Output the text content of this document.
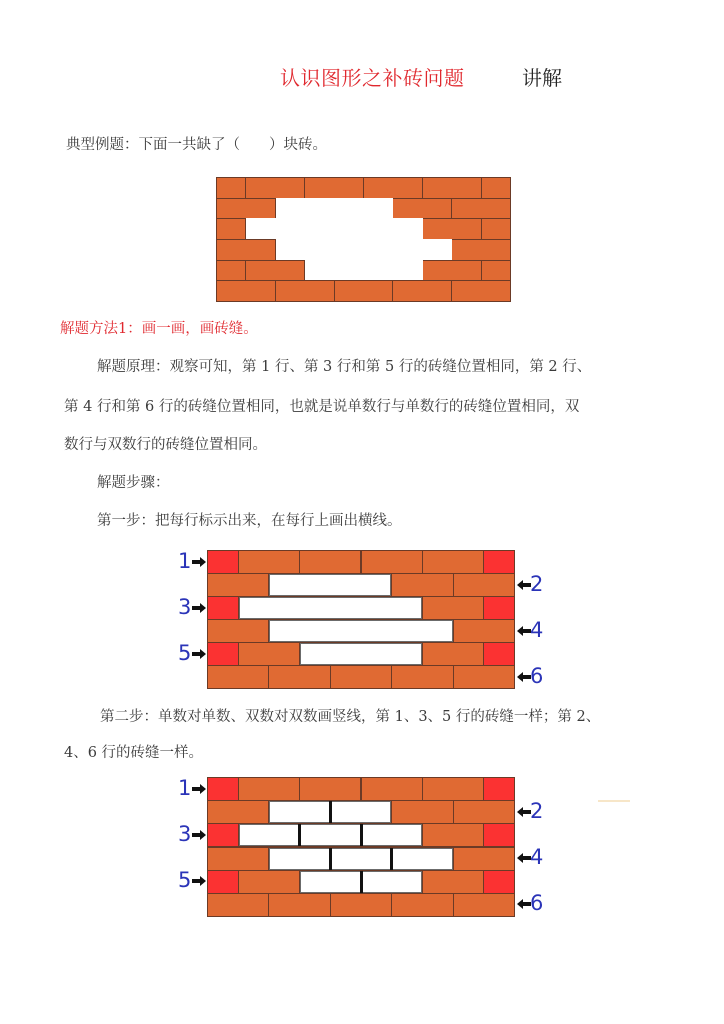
认识图形之补砖问题	讲解
典型例题：下面一共缺了（　　）块砖。
解题方法1：画一画，画砖缝。
解题原理：观察可知，第 1 行、第 3 行和第 5 行的砖缝位置相同，第 2 行、
第 4 行和第 6 行的砖缝位置相同，也就是说单数行与单数行的砖缝位置相同，双
数行与双数行的砖缝位置相同。
解题步骤：
第一步：把每行标示出来，在每行上画出横线。
第二步：单数对单数、双数对双数画竖线，第 1、3、5 行的砖缝一样；第 2、
4、6 行的砖缝一样。
1
3
5
2
4
6
1
3
5
2
4
6
